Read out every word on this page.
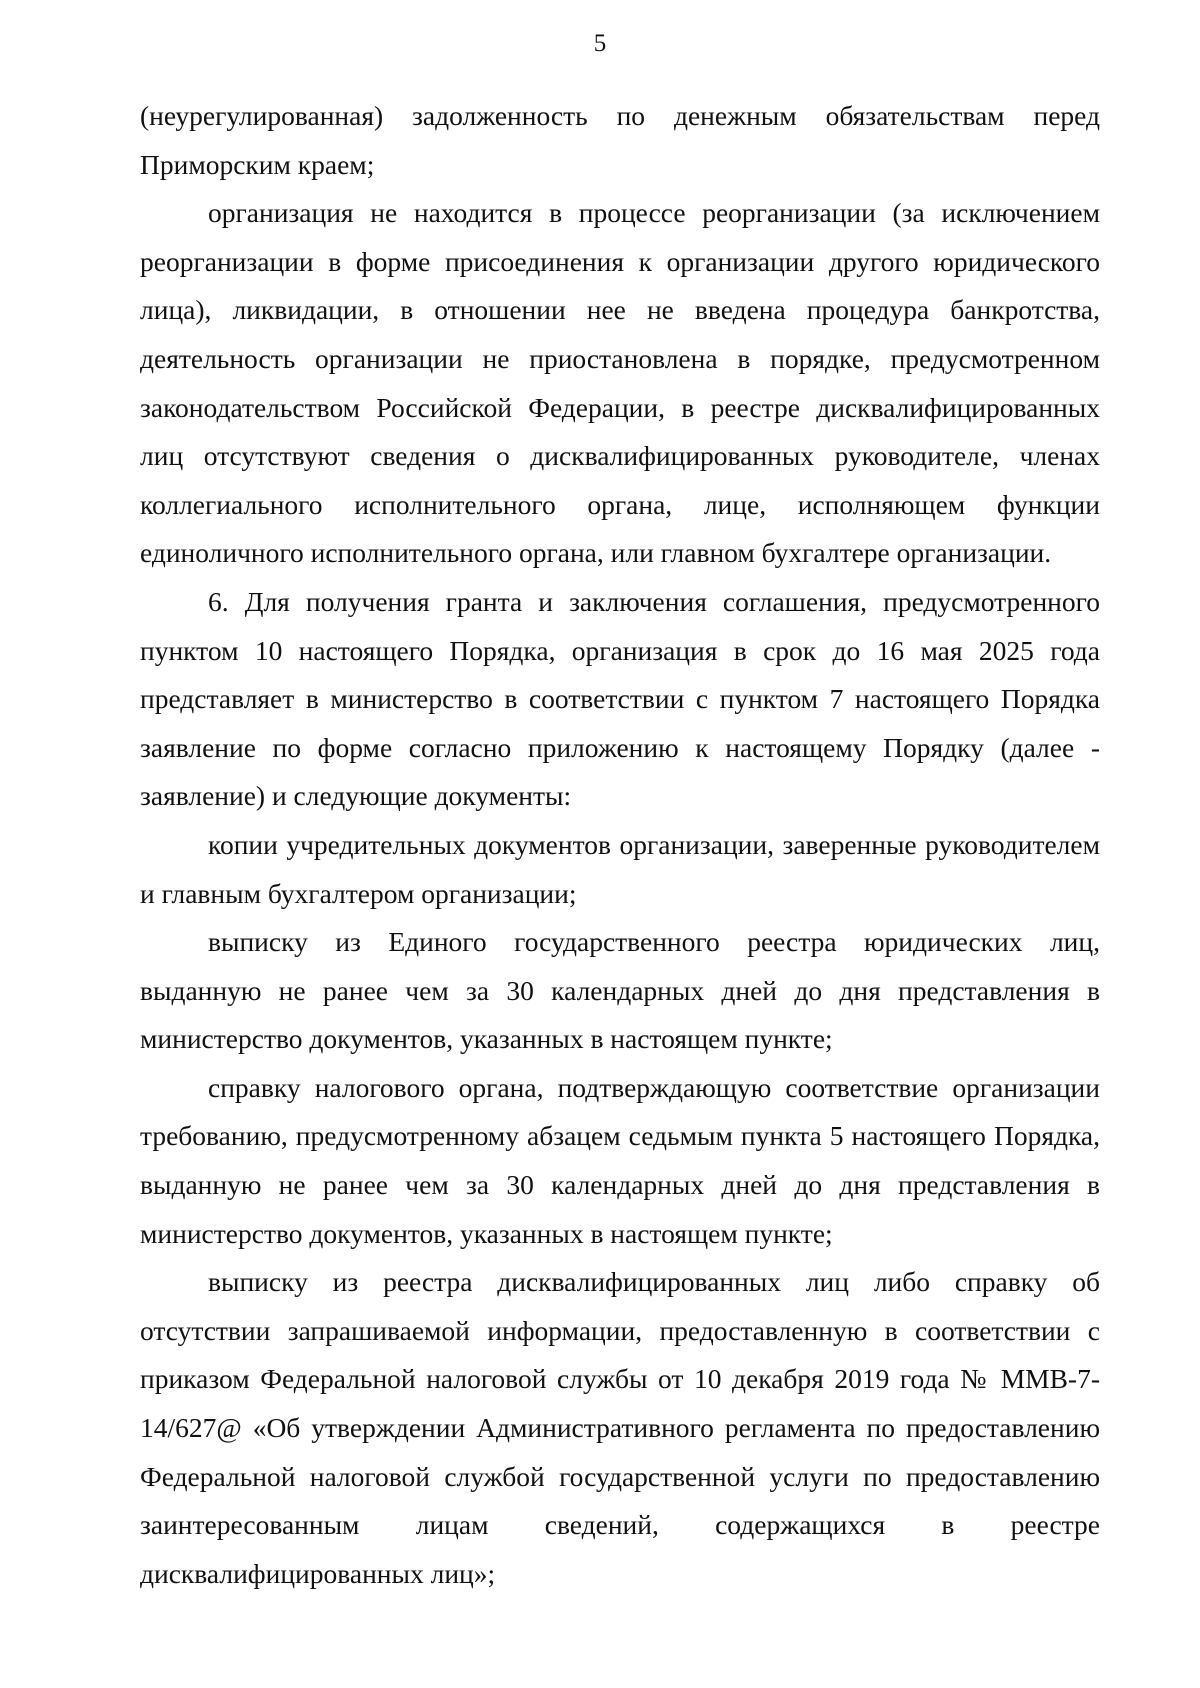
5

(неурегулированная) задолженность по денежным обязательствам перед Приморским краем;

организация не находится в процессе реорганизации (за исключением реорганизации в форме присоединения к организации другого юридического лица), ликвидации, в отношении нее не введена процедура банкротства, деятельность организации не приостановлена в порядке, предусмотренном законодательством Российской Федерации, в реестре дисквалифицированных лиц отсутствуют сведения о дисквалифицированных руководителе, членах коллегиального исполнительного органа, лице, исполняющем функции единоличного исполнительного органа, или главном бухгалтере организации.

6. Для получения гранта и заключения соглашения, предусмотренного пунктом 10 настоящего Порядка, организация в срок до 16 мая 2025 года представляет в министерство в соответствии с пунктом 7 настоящего Порядка заявление по форме согласно приложению к настоящему Порядку (далее - заявление) и следующие документы:

копии учредительных документов организации, заверенные руководителем и главным бухгалтером организации;

выписку из Единого государственного реестра юридических лиц, выданную не ранее чем за 30 календарных дней до дня представления в министерство документов, указанных в настоящем пункте;

справку налогового органа, подтверждающую соответствие организации требованию, предусмотренному абзацем седьмым пункта 5 настоящего Порядка, выданную не ранее чем за 30 календарных дней до дня представления в министерство документов, указанных в настоящем пункте;

выписку из реестра дисквалифицированных лиц либо справку об отсутствии запрашиваемой информации, предоставленную в соответствии с приказом Федеральной налоговой службы от 10 декабря 2019 года № ММВ-7-14/627@ «Об утверждении Административного регламента по предоставлению Федеральной налоговой службой государственной услуги по предоставлению заинтересованным лицам сведений, содержащихся в реестре дисквалифицированных лиц»;
